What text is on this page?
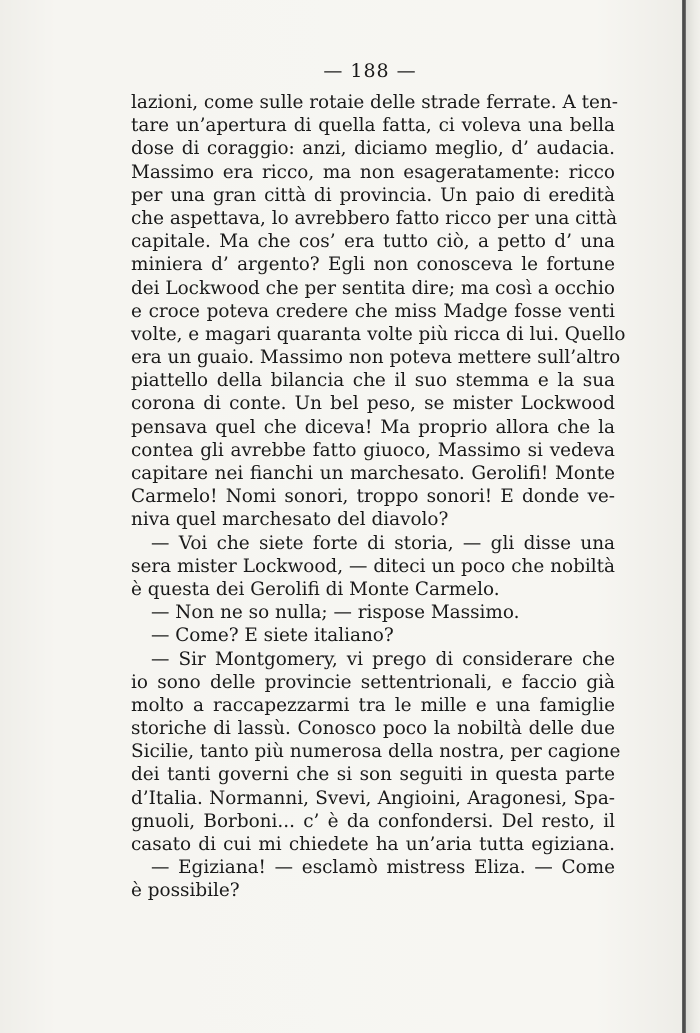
— 188 —
lazioni, come sulle rotaie delle strade ferrate. A ten-
tare un’apertura di quella fatta, ci voleva una bella
dose di coraggio: anzi, diciamo meglio, d’ audacia.
Massimo era ricco, ma non esageratamente: ricco
per una gran città di provincia. Un paio di eredità
che aspettava, lo avrebbero fatto ricco per una città
capitale. Ma che cos’ era tutto ciò, a petto d’ una
miniera d’ argento? Egli non conosceva le fortune
dei Lockwood che per sentita dire; ma così a occhio
e croce poteva credere che miss Madge fosse venti
volte, e magari quaranta volte più ricca di lui. Quello
era un guaio. Massimo non poteva mettere sull’altro
piattello della bilancia che il suo stemma e la sua
corona di conte. Un bel peso, se mister Lockwood
pensava quel che diceva! Ma proprio allora che la
contea gli avrebbe fatto giuoco, Massimo si vedeva
capitare nei fianchi un marchesato. Gerolifi! Monte
Carmelo! Nomi sonori, troppo sonori! E donde ve-
niva quel marchesato del diavolo?
— Voi che siete forte di storia, — gli disse una
sera mister Lockwood, — diteci un poco che nobiltà
è questa dei Gerolifi di Monte Carmelo.
— Non ne so nulla; — rispose Massimo.
— Come? E siete italiano?
— Sir Montgomery, vi prego di considerare che
io sono delle provincie settentrionali, e faccio già
molto a raccapezzarmi tra le mille e una famiglie
storiche di lassù. Conosco poco la nobiltà delle due
Sicilie, tanto più numerosa della nostra, per cagione
dei tanti governi che si son seguiti in questa parte
d’Italia. Normanni, Svevi, Angioini, Aragonesi, Spa-
gnuoli, Borboni... c’ è da confondersi. Del resto, il
casato di cui mi chiedete ha un’aria tutta egiziana.
— Egiziana! — esclamò mistress Eliza. — Come
è possibile?
